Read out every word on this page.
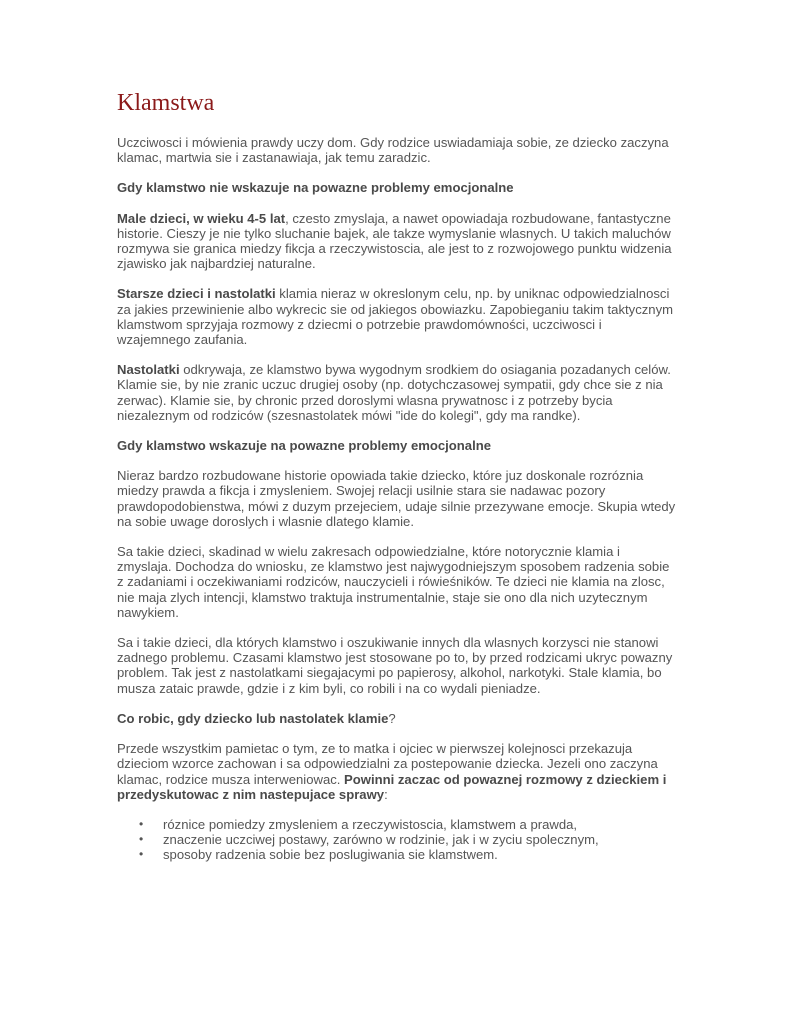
Klamstwa

Uczciwosci i mówienia prawdy uczy dom. Gdy rodzice uswiadamiaja sobie, ze dziecko zaczyna klamac, martwia sie i zastanawiaja, jak temu zaradzic.

Gdy klamstwo nie wskazuje na powazne problemy emocjonalne

Male dzieci, w wieku 4-5 lat, czesto zmyslaja, a nawet opowiadaja rozbudowane, fantastyczne historie. Cieszy je nie tylko sluchanie bajek, ale takze wymyslanie wlasnych. U takich maluchów rozmywa sie granica miedzy fikcja a rzeczywistoscia, ale jest to z rozwojowego punktu widzenia zjawisko jak najbardziej naturalne.

Starsze dzieci i nastolatki klamia nieraz w okreslonym celu, np. by uniknac odpowiedzialnosci za jakies przewinienie albo wykrecic sie od jakiegos obowiazku. Zapobieganiu takim taktycznym klamstwom sprzyjaja rozmowy z dziecmi o potrzebie prawdomówności, uczciwosci i wzajemnego zaufania.

Nastolatki odkrywaja, ze klamstwo bywa wygodnym srodkiem do osiagania pozadanych celów. Klamie sie, by nie zranic uczuc drugiej osoby (np. dotychczasowej sympatii, gdy chce sie z nia zerwac). Klamie sie, by chronic przed doroslymi wlasna prywatnosc i z potrzeby bycia niezaleznym od rodziców (szesnastolatek mówi "ide do kolegi", gdy ma randke).

Gdy klamstwo wskazuje na powazne problemy emocjonalne

Nieraz bardzo rozbudowane historie opowiada takie dziecko, które juz doskonale rozróznia miedzy prawda a fikcja i zmysleniem. Swojej relacji usilnie stara sie nadawac pozory prawdopodobienstwa, mówi z duzym przejeciem, udaje silnie przezywane emocje. Skupia wtedy na sobie uwage doroslych i wlasnie dlatego klamie.

Sa takie dzieci, skadinad w wielu zakresach odpowiedzialne, które notorycznie klamia i zmyslaja. Dochodza do wniosku, ze klamstwo jest najwygodniejszym sposobem radzenia sobie z zadaniami i oczekiwaniami rodziców, nauczycieli i rówieśników. Te dzieci nie klamia na zlosc, nie maja zlych intencji, klamstwo traktuja instrumentalnie, staje sie ono dla nich uzytecznym nawykiem.

Sa i takie dzieci, dla których klamstwo i oszukiwanie innych dla wlasnych korzysci nie stanowi zadnego problemu. Czasami klamstwo jest stosowane po to, by przed rodzicami ukryc powazny problem. Tak jest z nastolatkami siegajacymi po papierosy, alkohol, narkotyki. Stale klamia, bo musza zataic prawde, gdzie i z kim byli, co robili i na co wydali pieniadze.

Co robic, gdy dziecko lub nastolatek klamie?

Przede wszystkim pamietac o tym, ze to matka i ojciec w pierwszej kolejnosci przekazuja dzieciom wzorce zachowan i sa odpowiedzialni za postepowanie dziecka. Jezeli ono zaczyna klamac, rodzice musza interweniowac. Powinni zaczac od powaznej rozmowy z dzieckiem i przedyskutowac z nim nastepujace sprawy:

• róznice pomiedzy zmysleniem a rzeczywistoscia, klamstwem a prawda,
• znaczenie uczciwej postawy, zarówno w rodzinie, jak i w zyciu spolecznym,
• sposoby radzenia sobie bez poslugiwania sie klamstwem.
